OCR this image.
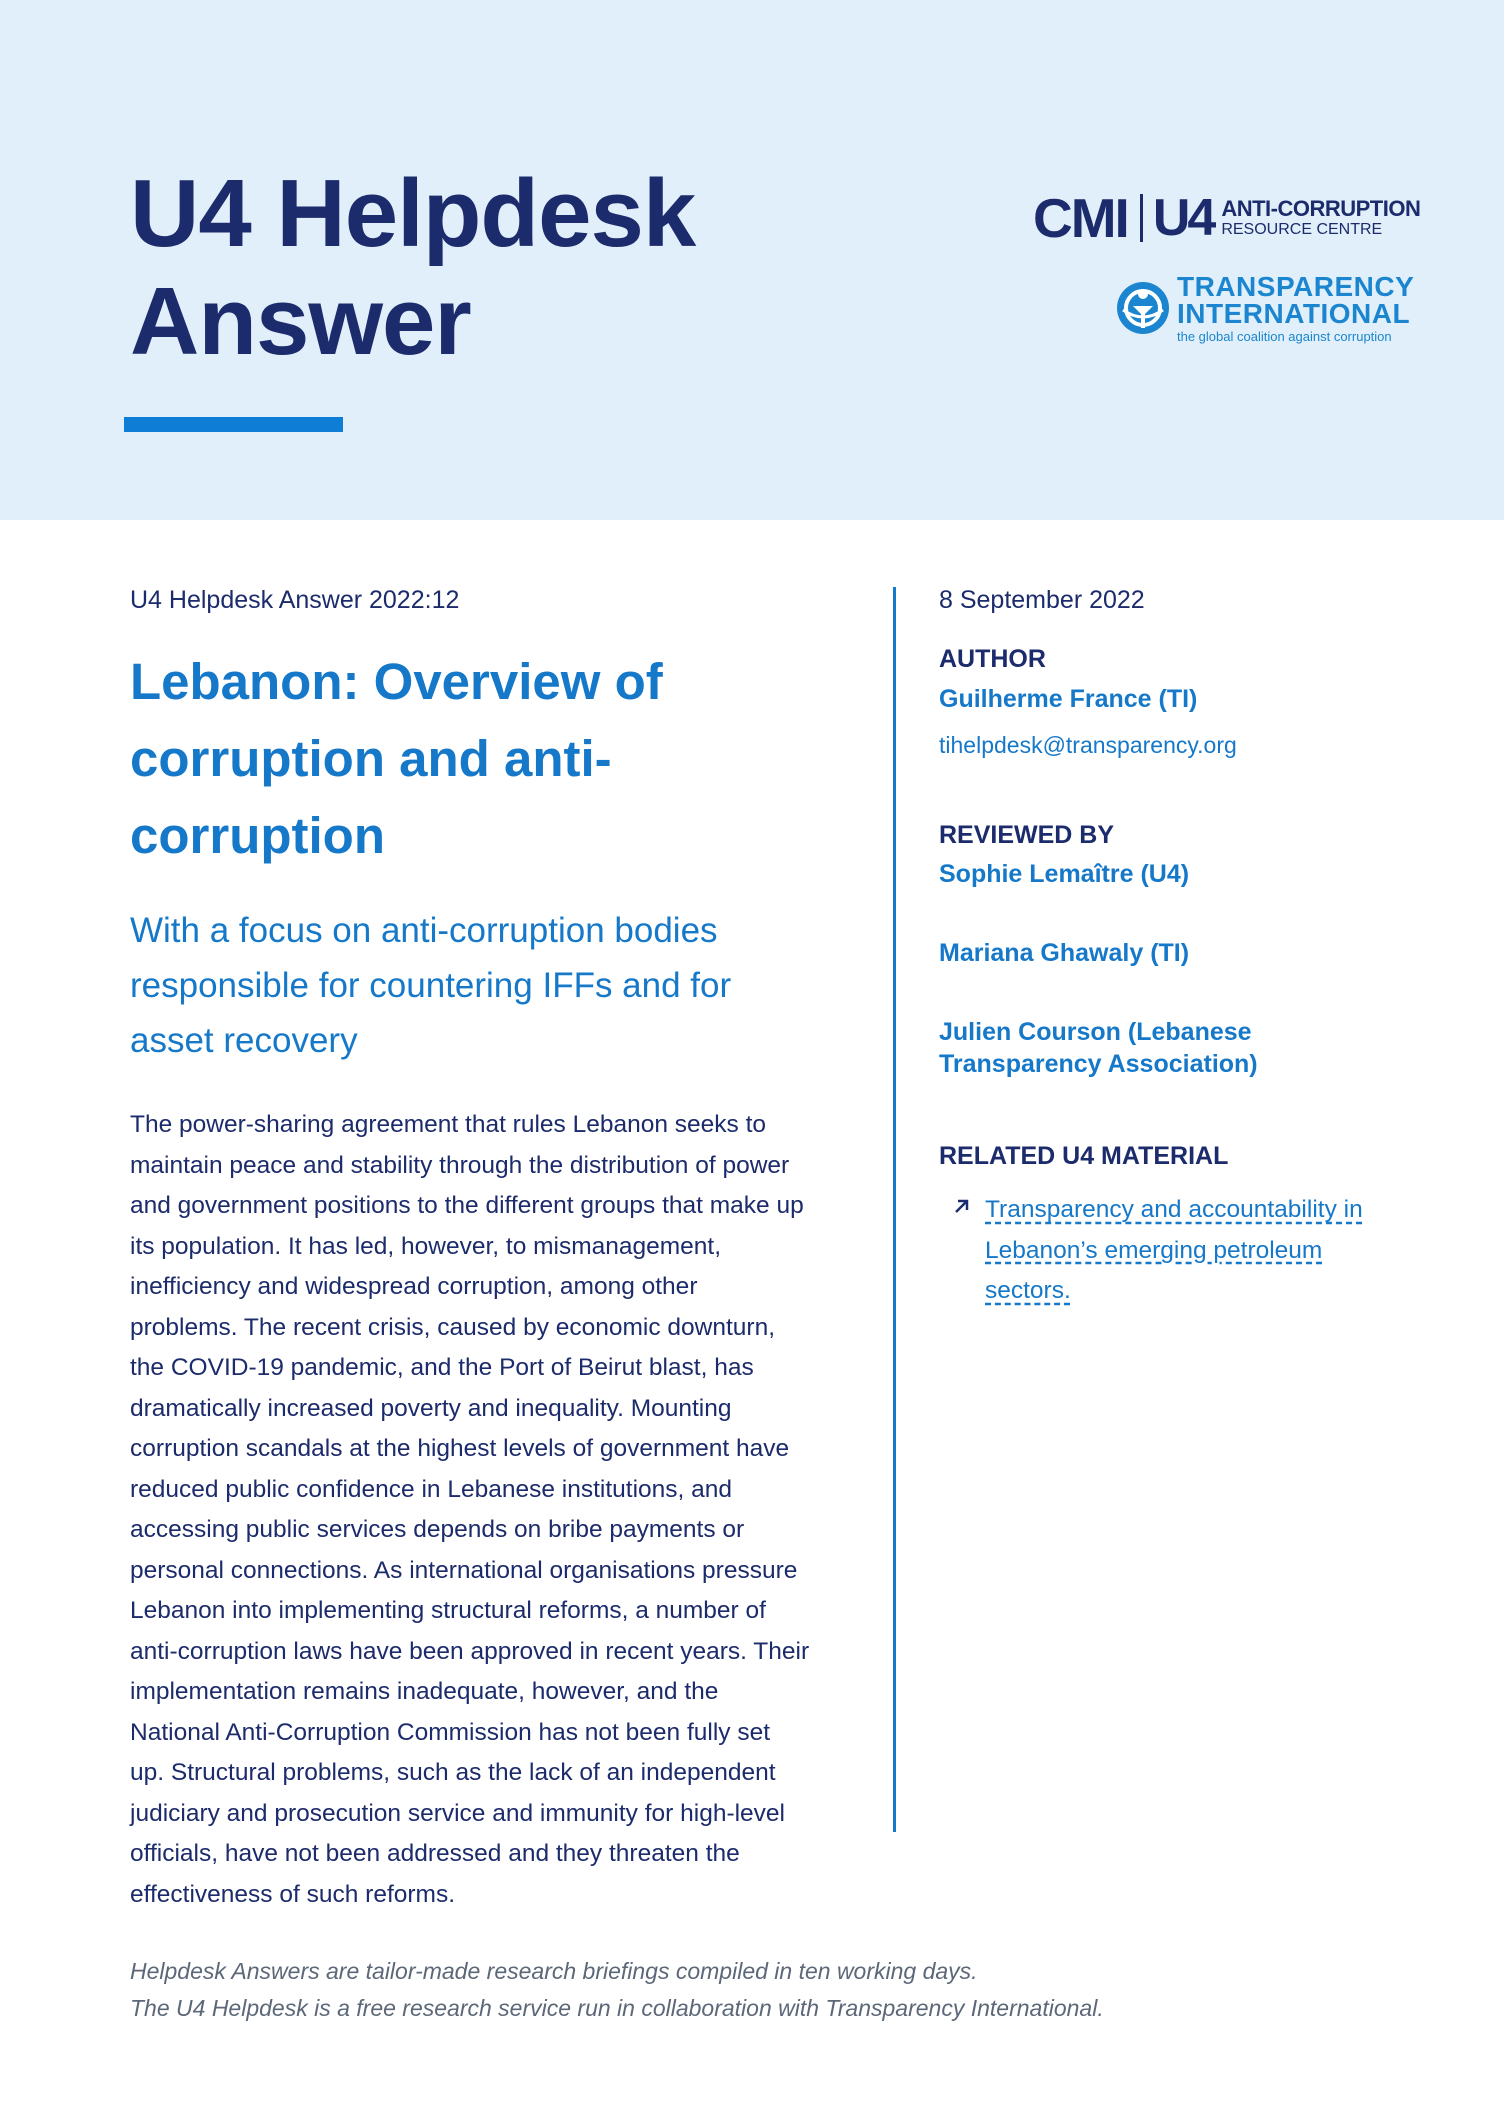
U4 Helpdesk
Answer
CMI U4 ANTI-CORRUPTION
RESOURCE CENTRE
TRANSPARENCY
INTERNATIONAL
the global coalition against corruption
U4 Helpdesk Answer 2022:12
Lebanon: Overview of corruption and anti-corruption
With a focus on anti-corruption bodies responsible for countering IFFs and for asset recovery
The power-sharing agreement that rules Lebanon seeks to maintain peace and stability through the distribution of power and government positions to the different groups that make up its population. It has led, however, to mismanagement, inefficiency and widespread corruption, among other problems. The recent crisis, caused by economic downturn, the COVID-19 pandemic, and the Port of Beirut blast, has dramatically increased poverty and inequality. Mounting corruption scandals at the highest levels of government have reduced public confidence in Lebanese institutions, and accessing public services depends on bribe payments or personal connections. As international organisations pressure Lebanon into implementing structural reforms, a number of anti-corruption laws have been approved in recent years. Their implementation remains inadequate, however, and the National Anti-Corruption Commission has not been fully set up. Structural problems, such as the lack of an independent judiciary and prosecution service and immunity for high-level officials, have not been addressed and they threaten the effectiveness of such reforms.
8 September 2022
AUTHOR
Guilherme France (TI)
tihelpdesk@transparency.org
REVIEWED BY
Sophie Lemaître (U4)
Mariana Ghawaly (TI)
Julien Courson (Lebanese Transparency Association)
RELATED U4 MATERIAL
Transparency and accountability in Lebanon’s emerging petroleum sectors.
Helpdesk Answers are tailor-made research briefings compiled in ten working days.
The U4 Helpdesk is a free research service run in collaboration with Transparency International.
